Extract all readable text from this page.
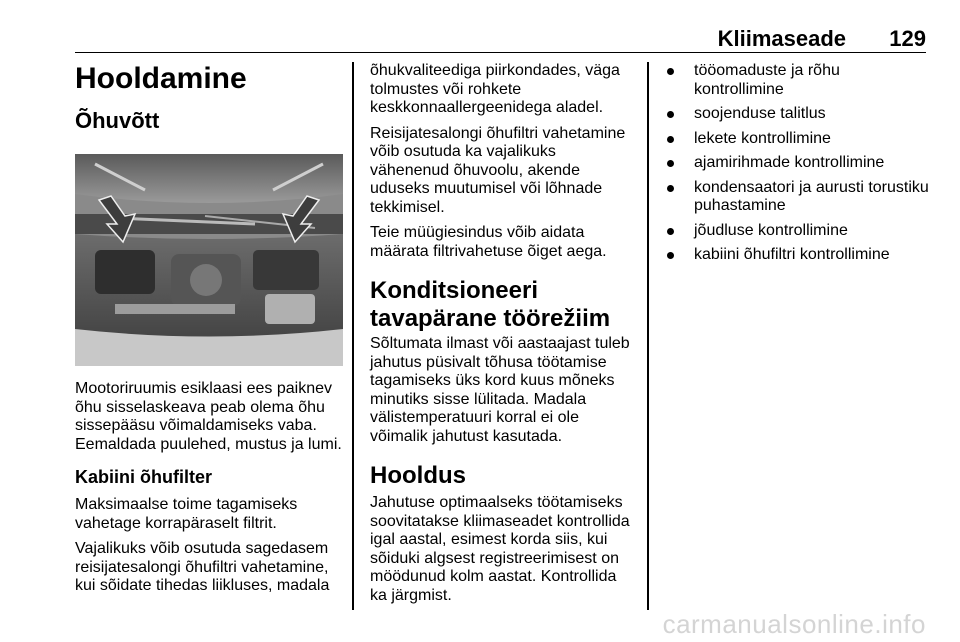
Kliimaseade 129
Hooldamine
Õhuvõtt

Mootoriruumis esiklaasi ees paiknev õhu sisselaskeava peab olema õhu sissepääsu võimaldamiseks vaba. Eemaldada puulehed, mustus ja lumi.

Kabiini õhufilter

Maksimaalse toime tagamiseks vahetage korrapäraselt filtrit.

Vajalikuks võib osutuda sagedasem reisijatesalongi õhufiltri vahetamine, kui sõidate tihedas liikluses, madala

õhukvaliteediga piirkondades, väga tolmustes või rohkete keskkonnaallergeenidega aladel.

Reisijatesalongi õhufiltri vahetamine võib osutuda ka vajalikuks vähenenud õhuvoolu, akende uduseks muutumisel või lõhnade tekkimisel.

Teie müügiesindus võib aidata määrata filtrivahetuse õiget aega.

Konditsioneeri tavapärane töörežiim

Sõltumata ilmast või aastaajast tuleb jahutus püsivalt tõhusa töötamise tagamiseks üks kord kuus mõneks minutiks sisse lülitada. Madala välistemperatuuri korral ei ole võimalik jahutust kasutada.

Hooldus

Jahutuse optimaalseks töötamiseks soovitatakse kliimaseadet kontrollida igal aastal, esimest korda siis, kui sõiduki algsest registreerimisest on möödunud kolm aastat. Kontrollida ka järgmist.

tööomaduste ja rõhu kontrollimine
soojenduse talitlus
lekete kontrollimine
ajamirihmade kontrollimine
kondensaatori ja aurusti torustiku puhastamine
jõudluse kontrollimine
kabiini õhufiltri kontrollimine
carmanualsonline.info
